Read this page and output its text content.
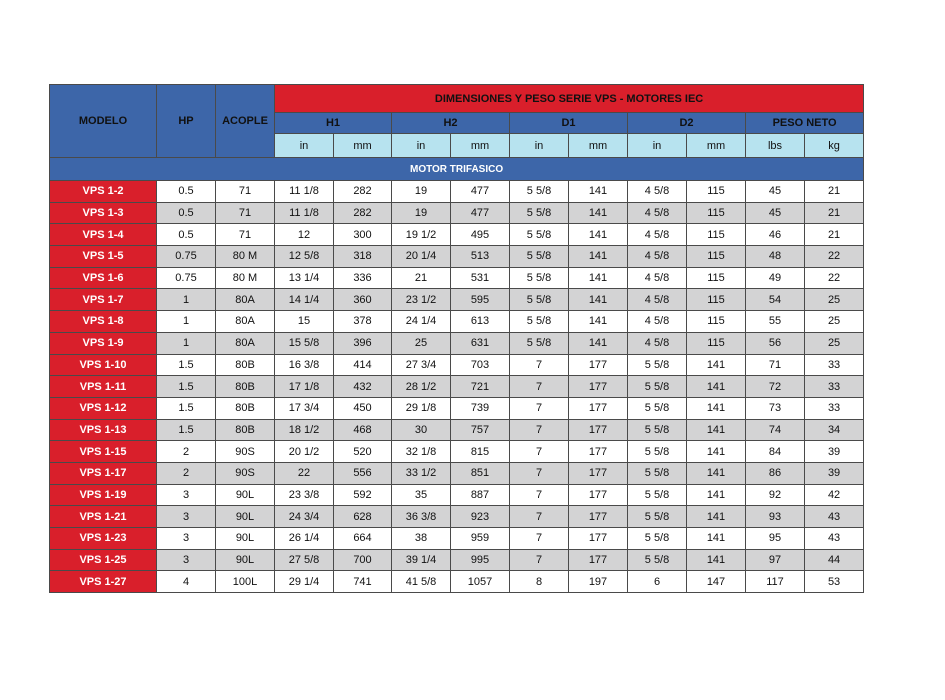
MODELO	HP	ACOPLE	DIMENSIONES Y PESO SERIE VPS - MOTORES IEC									
			H1		H2		D1		D2		PESO NETO	
			in	mm	in	mm	in	mm	in	mm	lbs	kg
MOTOR TRIFASICO												
VPS 1-2	0.5	71	11 1/8	282	19	477	5 5/8	141	4 5/8	115	45	21
VPS 1-3	0.5	71	11 1/8	282	19	477	5 5/8	141	4 5/8	115	45	21
VPS 1-4	0.5	71	12	300	19 1/2	495	5 5/8	141	4 5/8	115	46	21
VPS 1-5	0.75	80 M	12 5/8	318	20 1/4	513	5 5/8	141	4 5/8	115	48	22
VPS 1-6	0.75	80 M	13 1/4	336	21	531	5 5/8	141	4 5/8	115	49	22
VPS 1-7	1	80A	14 1/4	360	23 1/2	595	5 5/8	141	4 5/8	115	54	25
VPS 1-8	1	80A	15	378	24 1/4	613	5 5/8	141	4 5/8	115	55	25
VPS 1-9	1	80A	15 5/8	396	25	631	5 5/8	141	4 5/8	115	56	25
VPS 1-10	1.5	80B	16 3/8	414	27 3/4	703	7	177	5 5/8	141	71	33
VPS 1-11	1.5	80B	17 1/8	432	28 1/2	721	7	177	5 5/8	141	72	33
VPS 1-12	1.5	80B	17 3/4	450	29 1/8	739	7	177	5 5/8	141	73	33
VPS 1-13	1.5	80B	18 1/2	468	30	757	7	177	5 5/8	141	74	34
VPS 1-15	2	90S	20 1/2	520	32 1/8	815	7	177	5 5/8	141	84	39
VPS 1-17	2	90S	22	556	33 1/2	851	7	177	5 5/8	141	86	39
VPS 1-19	3	90L	23 3/8	592	35	887	7	177	5 5/8	141	92	42
VPS 1-21	3	90L	24 3/4	628	36 3/8	923	7	177	5 5/8	141	93	43
VPS 1-23	3	90L	26 1/4	664	38	959	7	177	5 5/8	141	95	43
VPS 1-25	3	90L	27 5/8	700	39 1/4	995	7	177	5 5/8	141	97	44
VPS 1-27	4	100L	29 1/4	741	41 5/8	1057	8	197	6	147	117	53
